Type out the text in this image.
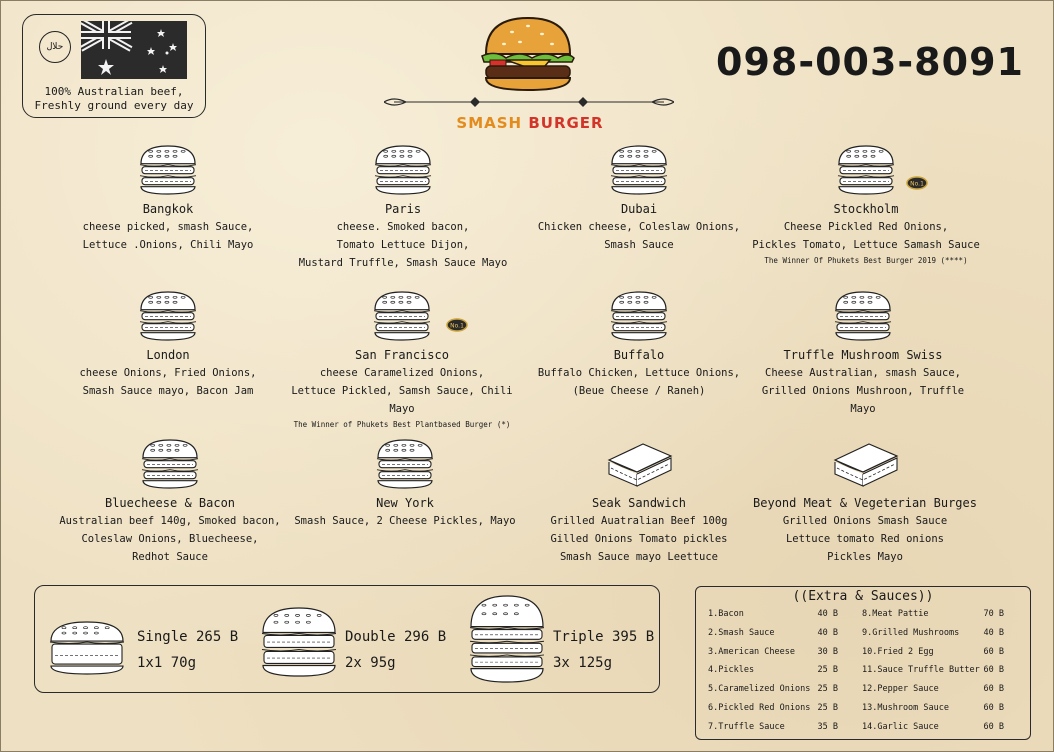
حلال
100% Australian beef,
Freshly ground every day
SMASH BURGER
098-003-8091
Bangkok
cheese picked, smash Sauce,
Lettuce .Onions, Chili Mayo
Paris
cheese. Smoked bacon,
Tomato Lettuce Dijon,
Mustard Truffle, Smash Sauce Mayo
Dubai
Chicken cheese, Coleslaw Onions,
Smash Sauce
Stockholm
Cheese Pickled Red Onions,
Pickles Tomato, Lettuce Samash Sauce
The Winner Of Phukets Best Burger 2019 (****)
No.1
London
cheese Onions, Fried Onions,
Smash Sauce mayo, Bacon Jam
San Francisco
cheese Caramelized Onions,
Lettuce Pickled, Samsh Sauce, Chili Mayo
The Winner of Phukets Best Plantbased Burger (*)
No.1
Buffalo
Buffalo Chicken, Lettuce Onions,
(Beue Cheese / Raneh)
Truffle Mushroom Swiss
Cheese Australian, smash Sauce,
Grilled Onions Mushroon, Truffle Mayo
Bluecheese & Bacon
Australian beef 140g, Smoked bacon,
Coleslaw Onions, Bluecheese,
Redhot Sauce
New York
Smash Sauce, 2 Cheese Pickles, Mayo
Seak Sandwich
Grilled Auatralian Beef 100g
Gilled Onions Tomato pickles
Smash Sauce mayo Leettuce
Beyond Meat & Vegeterian Burges
Grilled Onions Smash Sauce
Lettuce tomato Red onions
Pickles Mayo
Single 265 B
1x1 70g
Double 296 B
2x 95g
Triple 395 B
3x 125g
((Extra & Sauces))
1.Bacon	40 B
2.Smash Sauce	40 B
3.American Cheese	30 B
4.Pickles	25 B
5.Caramelized Onions 25 B
6.Pickled Red Onions 25 B
7.Truffle Sauce	35 B
8.Meat Pattie	70 B
9.Grilled Mushrooms	40 B
10.Fried 2 Egg	60 B
11.Sauce Truffle Butter 60 B
12.Pepper Sauce	60 B
13.Mushroom Sauce	60 B
14.Garlic Sauce	60 B
